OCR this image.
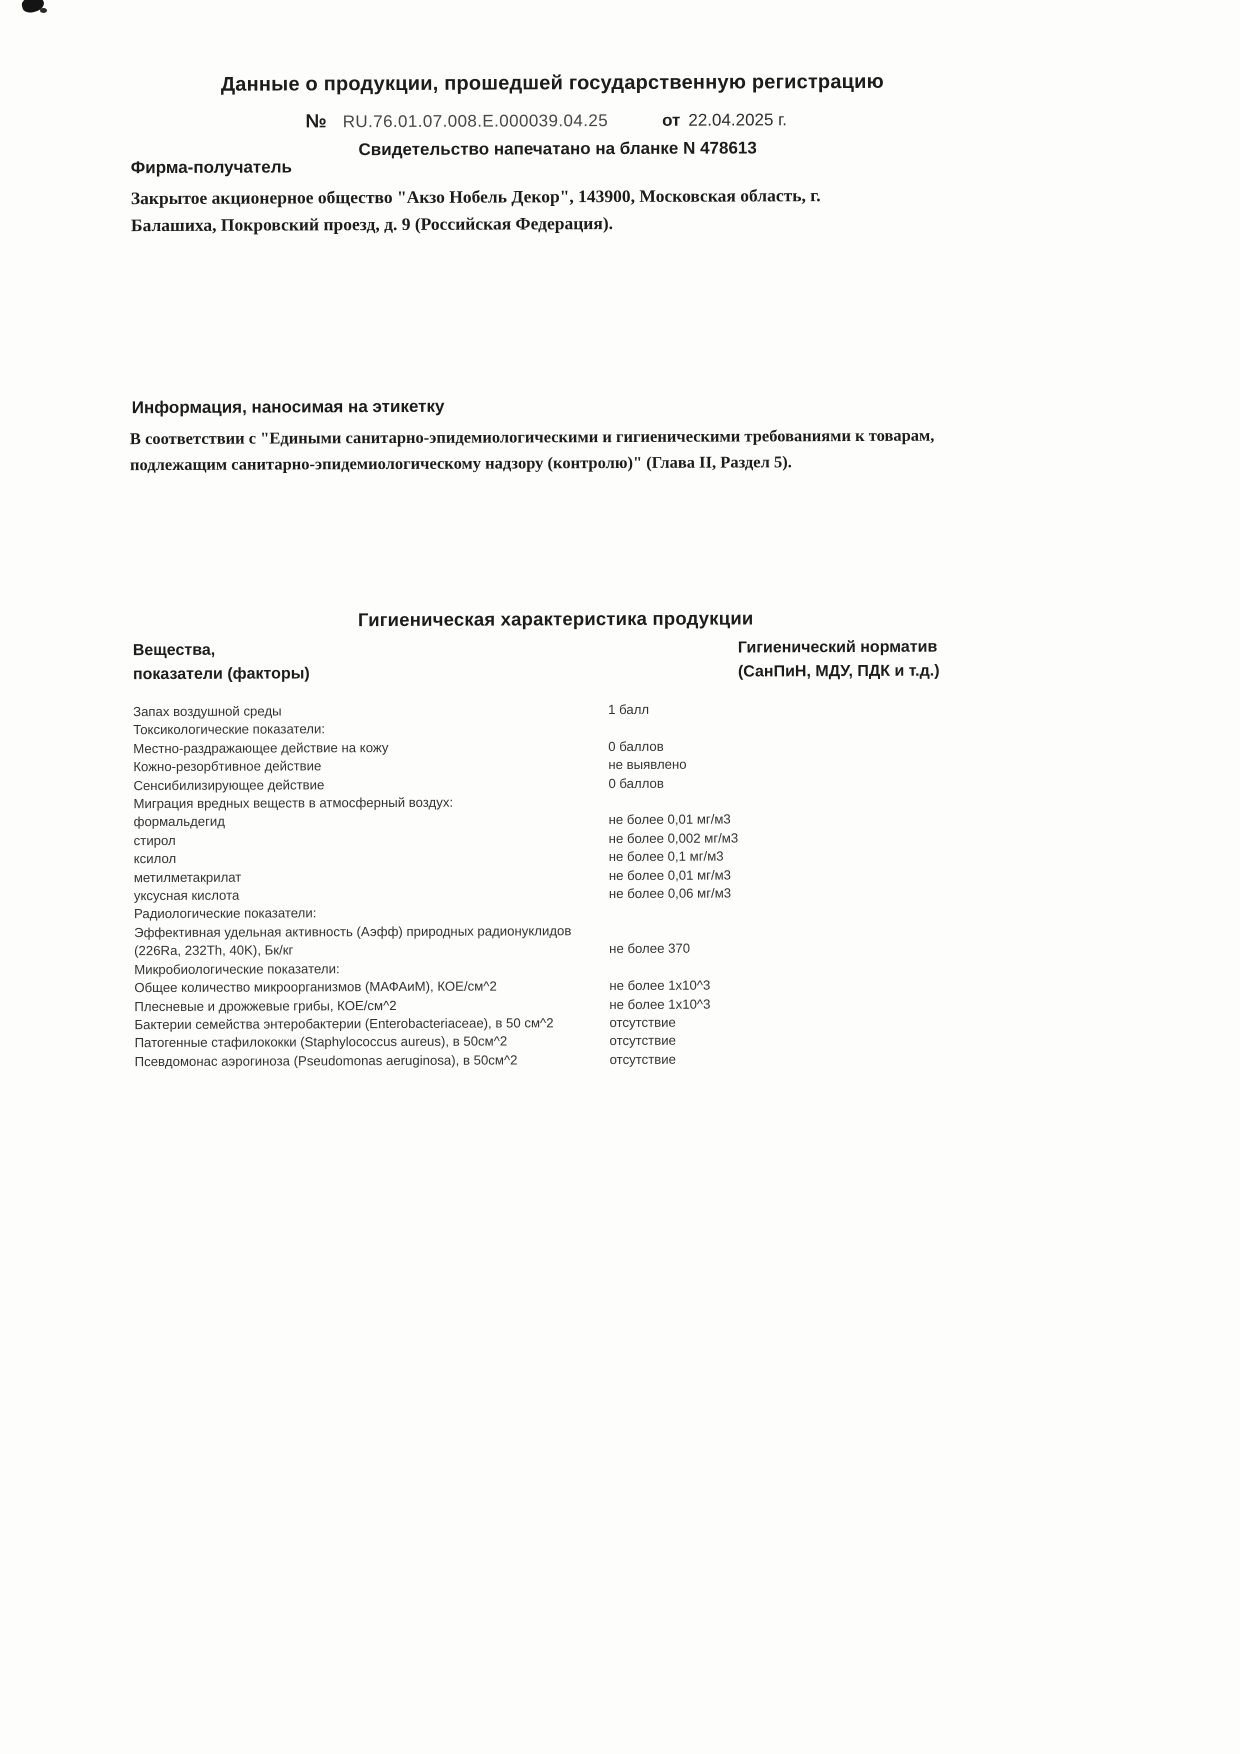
Данные о продукции, прошедшей государственную регистрацию
№ RU.76.01.07.008.E.000039.04.25	от 22.04.2025 г.
Свидетельство напечатано на бланке N 478613
Фирма-получатель
Закрытое акционерное общество "Акзо Нобель Декор", 143900, Московская область, г. Балашиха, Покровский проезд, д. 9 (Российская Федерация).
Информация, наносимая на этикетку
В соответствии с "Едиными санитарно-эпидемиологическими и гигиеническими требованиями к товарам, подлежащим санитарно-эпидемиологическому надзору (контролю)" (Глава II, Раздел 5).
Гигиеническая характеристика продукции
Вещества,
показатели (факторы)
Гигиенический норматив
(СанПиН, МДУ, ПДК и т.д.)
Запах воздушной среды	1 балл
Токсикологические показатели:
Местно-раздражающее действие на кожу	0 баллов
Кожно-резорбтивное действие	не выявлено
Сенсибилизирующее действие	0 баллов
Миграция вредных веществ в атмосферный воздух:
формальдегид	не более 0,01 мг/м3
стирол	не более 0,002 мг/м3
ксилол	не более 0,1 мг/м3
метилметакрилат	не более 0,01 мг/м3
уксусная кислота	не более 0,06 мг/м3
Радиологические показатели:
Эффективная удельная активность (Аэфф) природных радионуклидов (226Ra, 232Th, 40K), Бк/кг	не более 370
Микробиологические показатели:
Общее количество микроорганизмов (МАФАиМ), КОЕ/см^2	не более 1x10^3
Плесневые и дрожжевые грибы, КОЕ/см^2	не более 1x10^3
Бактерии семейства энтеробактерии (Enterobacteriaceae), в 50 см^2	отсутствие
Патогенные стафилококки (Staphylococcus aureus), в 50см^2	отсутствие
Псевдомонас аэрогиноза (Pseudomonas aeruginosa), в 50см^2	отсутствие
